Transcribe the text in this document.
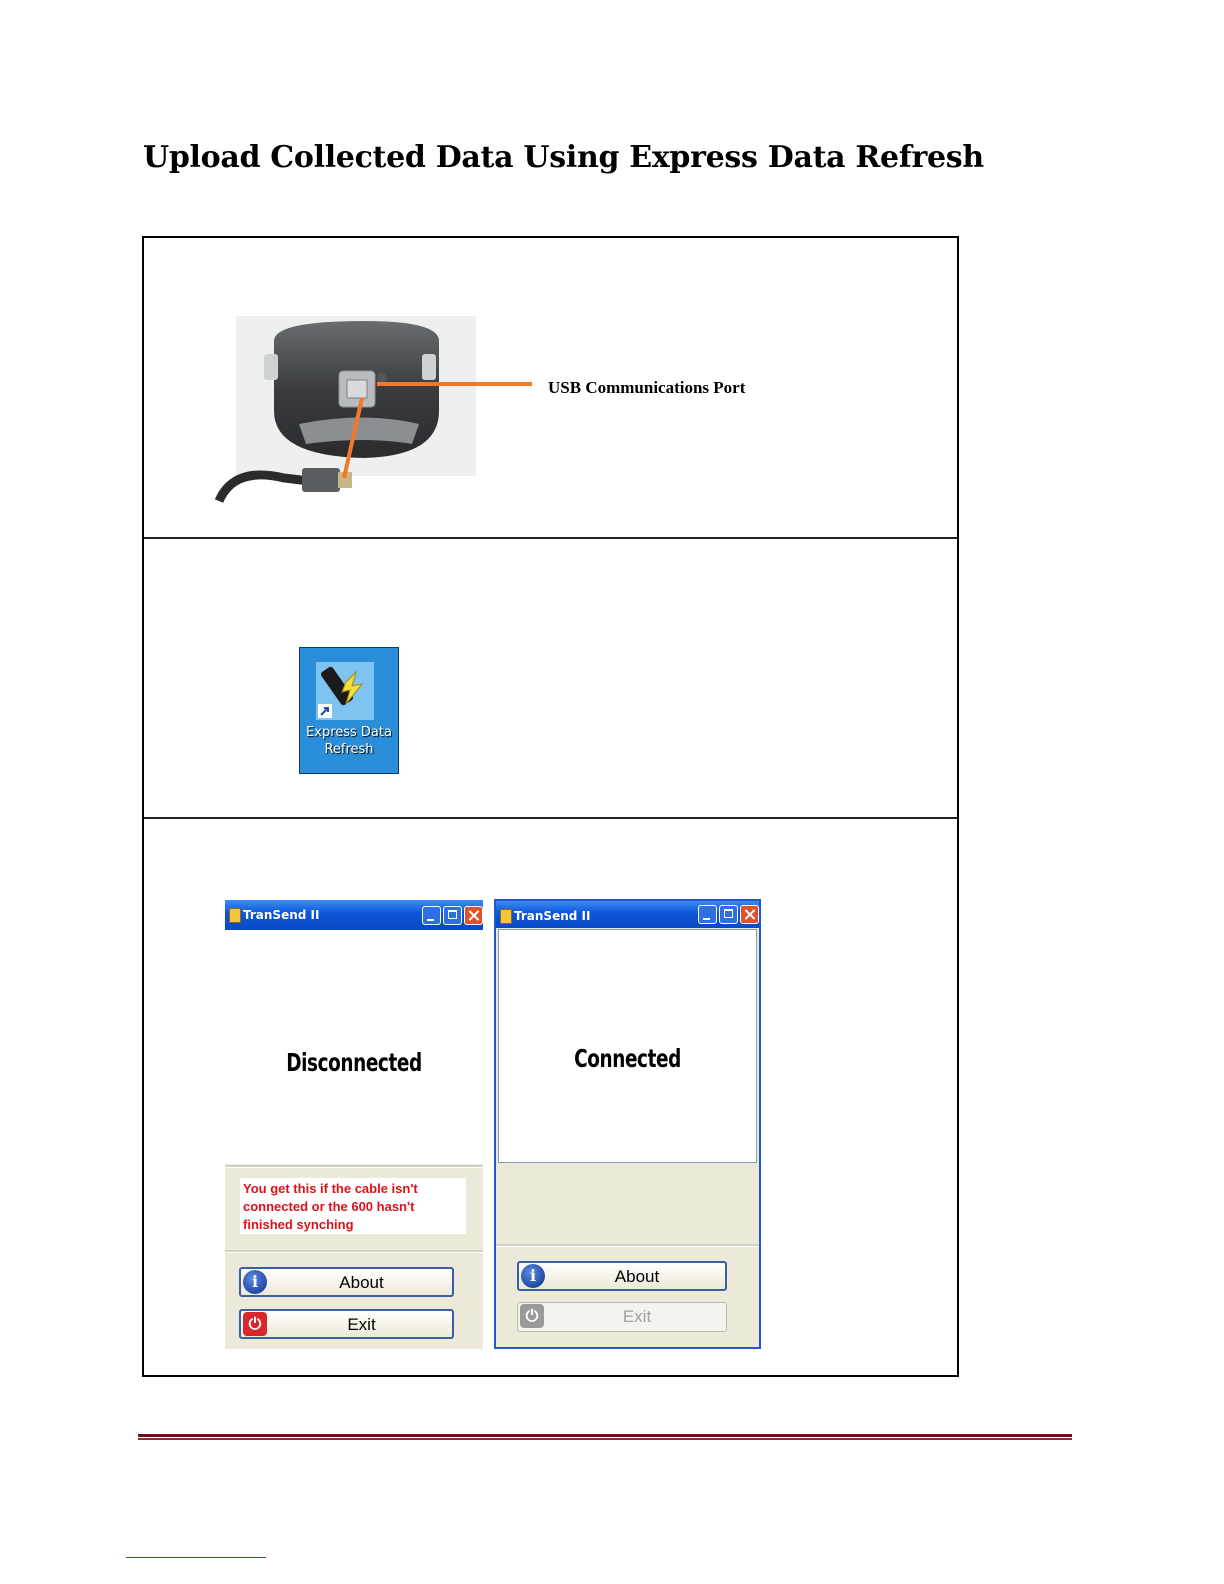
Upload Collected Data Using Express Data Refresh
USB Communications Port
Express Data
Refresh
TranSend II
Disconnected
You get this if the cable isn't connected or the 600 hasn't finished synching
i	About
⏻	Exit
TranSend II
Connected
i	About
⏻	Exit
